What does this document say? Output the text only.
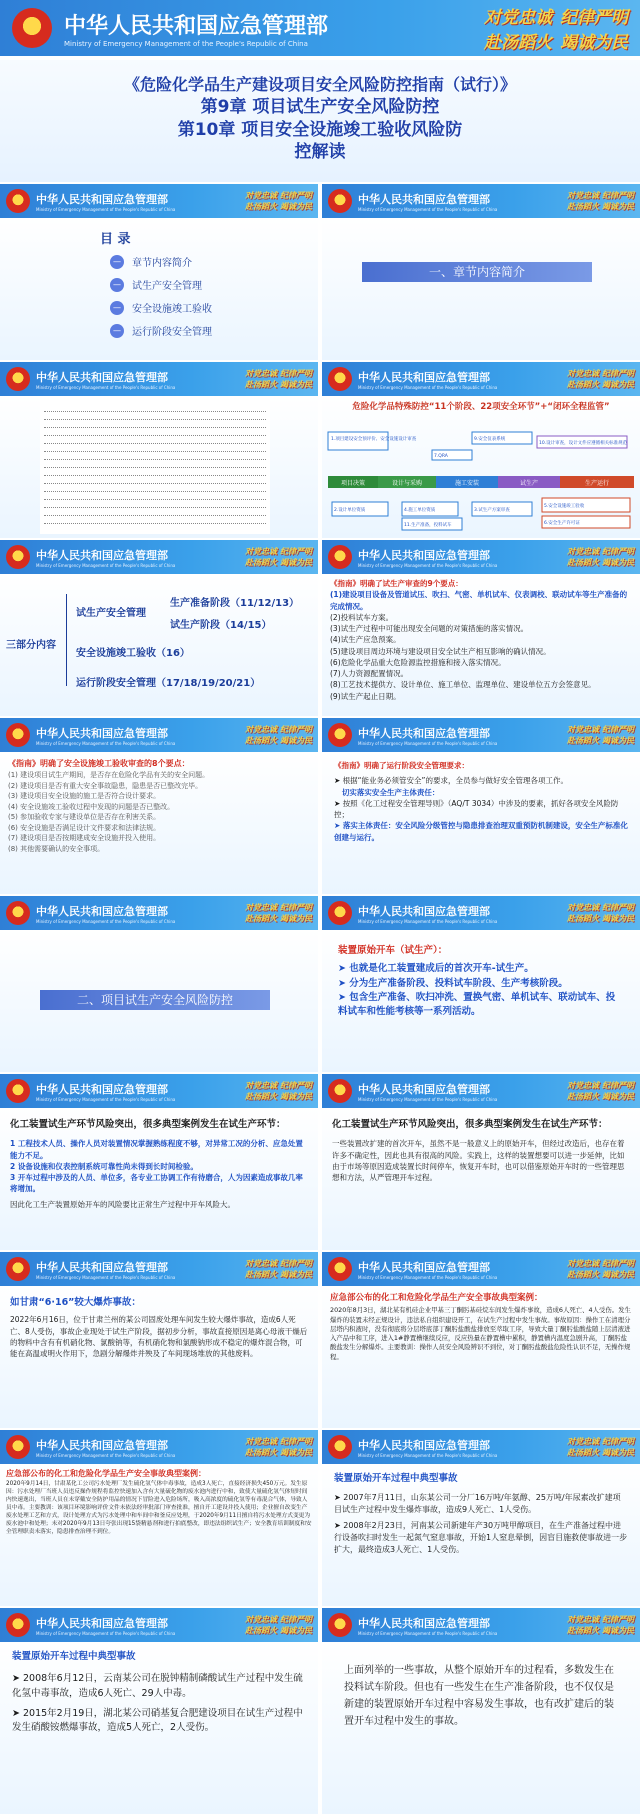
★
中华人民共和国应急管理部
Ministry of Emergency Management of the People's Republic of China
对党忠诚 纪律严明
赴汤蹈火 竭诚为民
《危险化学品生产建设项目安全风险防控指南（试行）》
第9章 项目试生产安全风险防控
第10章 项目安全设施竣工验收风险防
控解读
★
中华人民共和国应急管理部
Ministry of Emergency Management of the People's Republic of China
对党忠诚 纪律严明
赴汤蹈火 竭诚为民
目 录
—	章节内容简介
—	试生产安全管理
—	安全设施竣工验收
—	运行阶段安全管理
★
中华人民共和国应急管理部
Ministry of Emergency Management of the People's Republic of China
对党忠诚 纪律严明
赴汤蹈火 竭诚为民
一、章节内容简介
★
中华人民共和国应急管理部
Ministry of Emergency Management of the People's Republic of China
对党忠诚 纪律严明
赴汤蹈火 竭诚为民
★
中华人民共和国应急管理部
Ministry of Emergency Management of the People's Republic of China
对党忠诚 纪律严明
赴汤蹈火 竭诚为民
危险化学品特殊防控“11个阶段、22项安全环节”+“闭环全程监管”
项目决策	设计与采购	施工安装	试生产	生产运行
1.项目建设安全预评价、安全设施设计审查
7.QRA
9.安全仪表系统
10.设计审查，设计文件应遵循相关标准规范
2.设计单位资质	4.施工单位资质	3.试生产方案审查
5.安全设施竣工验收
6.安全生产许可证
11.生产准备，投料试车
★
中华人民共和国应急管理部
Ministry of Emergency Management of the People's Republic of China
对党忠诚 纪律严明
赴汤蹈火 竭诚为民
三部分内容
试生产安全管理
生产准备阶段（11/12/13）
试生产阶段（14/15）
安全设施竣工验收（16）
运行阶段安全管理（17/18/19/20/21）
★
中华人民共和国应急管理部
Ministry of Emergency Management of the People's Republic of China
对党忠诚 纪律严明
赴汤蹈火 竭诚为民
《指南》明确了试生产审查的9个要点：
(1)建设项目设备及管道试压、吹扫、气密、单机试车、仪表调校、联动试车等生产准备的完成情况。
(2)投料试车方案。
(3)试生产过程中可能出现安全问题的对策措施的落实情况。
(4)试生产应急预案。
(5)建设项目周边环境与建设项目安全试生产相互影响的确认情况。
(6)危险化学品重大危险源监控措施和接入落实情况。
(7)人力资源配置情况。
(8)工艺技术提供方、设计单位、施工单位、监理单位、建设单位五方会签意见。
(9)试生产起止日期。
★
中华人民共和国应急管理部
Ministry of Emergency Management of the People's Republic of China
对党忠诚 纪律严明
赴汤蹈火 竭诚为民
《指南》明确了安全设施竣工验收审查的8个要点：
(1) 建设项目试生产期间，是否存在危险化学品有关的安全问题。
(2) 建设项目是否有重大安全事故隐患，隐患是否已整改完毕。
(3) 建设项目安全设施的施工是否符合设计要求。
(4) 安全设施竣工验收过程中发现的问题是否已整改。
(5) 参加验收专家与建设单位是否存在利害关系。
(6) 安全设施是否满足设计文件要求和法律法规。
(7) 建设项目是否按期建成安全设施并投入使用。
(8) 其他需要确认的安全事项。
★
中华人民共和国应急管理部
Ministry of Emergency Management of the People's Republic of China
对党忠诚 纪律严明
赴汤蹈火 竭诚为民
《指南》明确了运行阶段安全管理要求：
➤ 根据“能业务必须管安全”的要求，全员参与做好安全管理各项工作。
切实落实安全生产主体责任：
➤ 按照《化工过程安全管理导则》（AQ/T 3034）中涉及的要素，抓好各项安全风险防控；
➤ 落实主体责任：安全风险分级管控与隐患排查治理双重预防机制建设，安全生产标准化创建与运行。
★
中华人民共和国应急管理部
Ministry of Emergency Management of the People's Republic of China
对党忠诚 纪律严明
赴汤蹈火 竭诚为民
二、项目试生产安全风险防控
★
中华人民共和国应急管理部
Ministry of Emergency Management of the People's Republic of China
对党忠诚 纪律严明
赴汤蹈火 竭诚为民
装置原始开车（试生产）：
➤ 也就是化工装置建成后的首次开车-试生产。
➤ 分为生产准备阶段、投料试车阶段、生产考核阶段。
➤ 包含生产准备、吹扫冲洗、置换气密、单机试车、联动试车、投料试车和性能考核等一系列活动。
★
中华人民共和国应急管理部
Ministry of Emergency Management of the People's Republic of China
对党忠诚 纪律严明
赴汤蹈火 竭诚为民
化工装置试生产环节风险突出，很多典型案例发生在试生产环节：
1 工程技术人员、操作人员对装置情况掌握熟练程度不够，对异常工况的分析、应急处置能力不足。
2 设备设施和仪表控制系统可靠性尚未得到长时间检验。
3 开车过程中涉及的人员、单位多，各专业工协调工作有待磨合，人为因素造成事故几率将增加。
因此化工生产装置原始开车的风险要比正常生产过程中开车风险大。
★
中华人民共和国应急管理部
Ministry of Emergency Management of the People's Republic of China
对党忠诚 纪律严明
赴汤蹈火 竭诚为民
化工装置试生产环节风险突出，很多典型案例发生在试生产环节：
一些装置改扩建的首次开车，虽然不是一般意义上的原始开车，但经过改造后，也存在着许多不确定性，因此也具有很高的风险。实践上，这样的装置想要可以进一步延伸，比如由于市场等原因造成装置长时间停车，恢复开车时，也可以借鉴原始开车时的一些管理思想和方法，从严管理开车过程。
★
中华人民共和国应急管理部
Ministry of Emergency Management of the People's Republic of China
对党忠诚 纪律严明
赴汤蹈火 竭诚为民
如甘肃“6·16”较大爆炸事故：
2022年6月16日，位于甘肃兰州的某公司固废处理车间发生较大爆炸事故，造成6人死亡、8人受伤，事故企业现处于试生产阶段，据初步分析，事故直接原因是离心母液干燥后的物料中含有有机硝化物、氯酸钠等，有机硝化物和氯酸钠形成不稳定的爆炸混合物，可能在高温或明火作用下，急剧分解爆炸并殃及了车间现场堆放的其他废料。
★
中华人民共和国应急管理部
Ministry of Emergency Management of the People's Republic of China
对党忠诚 纪律严明
赴汤蹈火 竭诚为民
应急部公布的化工和危险化学品生产安全事故典型案例：
2020年8月3日，湖北某有机硅企业甲基三丁酮肟基硅烷车间发生爆炸事故，造成6人死亡、4人受伤。发生爆炸的装置未经正规设计，违法私自组织建设开工，在试生产过程中发生事故。事故原因：操作工在清理分层塔内积液时，没有彻底将分层塔底部丁酮肟盐酸盐排放至萃取工序，导致大量丁酮肟盐酸盐随上层清液进入产品中和工序，进入1#静置槽继续反应，反应热量在静置槽中累积，静置槽内温度急剧升高，丁酮肟盐酸盐发生分解爆炸。主要教训：操作人员安全风险辨识不到位，对丁酮肟盐酸盐危险性认识不足，无操作规程。
★
中华人民共和国应急管理部
Ministry of Emergency Management of the People's Republic of China
对党忠诚 纪律严明
赴汤蹈火 竭诚为民
应急部公布的化工和危险化学品生产安全事故典型案例：
2020年9月14日，甘肃某化工公司污水处理厂发生硫化氢气体中毒事故，造成3人死亡，直接经济损失450万元。发生原因：污水处理厂当班人员违反操作规程将监控快速加入含有大量硫化物的废水池内进行中和，致使大量硫化氢气体短时间内快速逸出，当班人员在未穿戴安全防护用品的情况下冒险进入危险场所，吸入高浓度的硫化氢等有毒混合气体，导致人员中毒。主要教训：该项目环境影响评价文件未依法经审批部门审查批准，擅自开工建设并投入使用；企业擅自改变生产废水处理工艺和方式，设计处理方式为污水处理中和车间中和釜反应处理，于2020年9月11日擅自将污水处理方式变更为废水池中和处理；未对2020年9月13日夸张出现15袋精悬剂和进行拍底整改，即违法组织试生产；安全教育培训制度和安全管理职责未落实，隐患排查治理不到位。
★
中华人民共和国应急管理部
Ministry of Emergency Management of the People's Republic of China
对党忠诚 纪律严明
赴汤蹈火 竭诚为民
装置原始开车过程中典型事故
➤ 2007年7月11日，山东某公司一分厂16万吨/年氨醇、25万吨/年尿素改扩建项目试生产过程中发生爆炸事故，造成9人死亡、1人受伤。
➤ 2008年2月23日，河南某公司新建年产30万吨甲醇项目，在生产准备过程中进行设备吹扫时发生一起氮气窒息事故，开始1人窒息晕倒，因盲目施救使事故进一步扩大，最终造成3人死亡、1人受伤。
★
中华人民共和国应急管理部
Ministry of Emergency Management of the People's Republic of China
对党忠诚 纪律严明
赴汤蹈火 竭诚为民
装置原始开车过程中典型事故
➤ 2008年6月12日，云南某公司在脱钟精制磷酸试生产过程中发生硫化氢中毒事故，造成6人死亡、29人中毒。
➤ 2015年2月19日，湖北某公司硝基复合肥建设项目在试生产过程中发生硝酸铵燃爆事故，造成5人死亡，2人受伤。
★
中华人民共和国应急管理部
Ministry of Emergency Management of the People's Republic of China
对党忠诚 纪律严明
赴汤蹈火 竭诚为民
上面列举的一些事故，从整个原始开车的过程看，多数发生在投料试车阶段。但也有一些发生在生产准备阶段，也不仅仅是新建的装置原始开车过程中容易发生事故，也有改扩建后的装置开车过程中发生的事故。
